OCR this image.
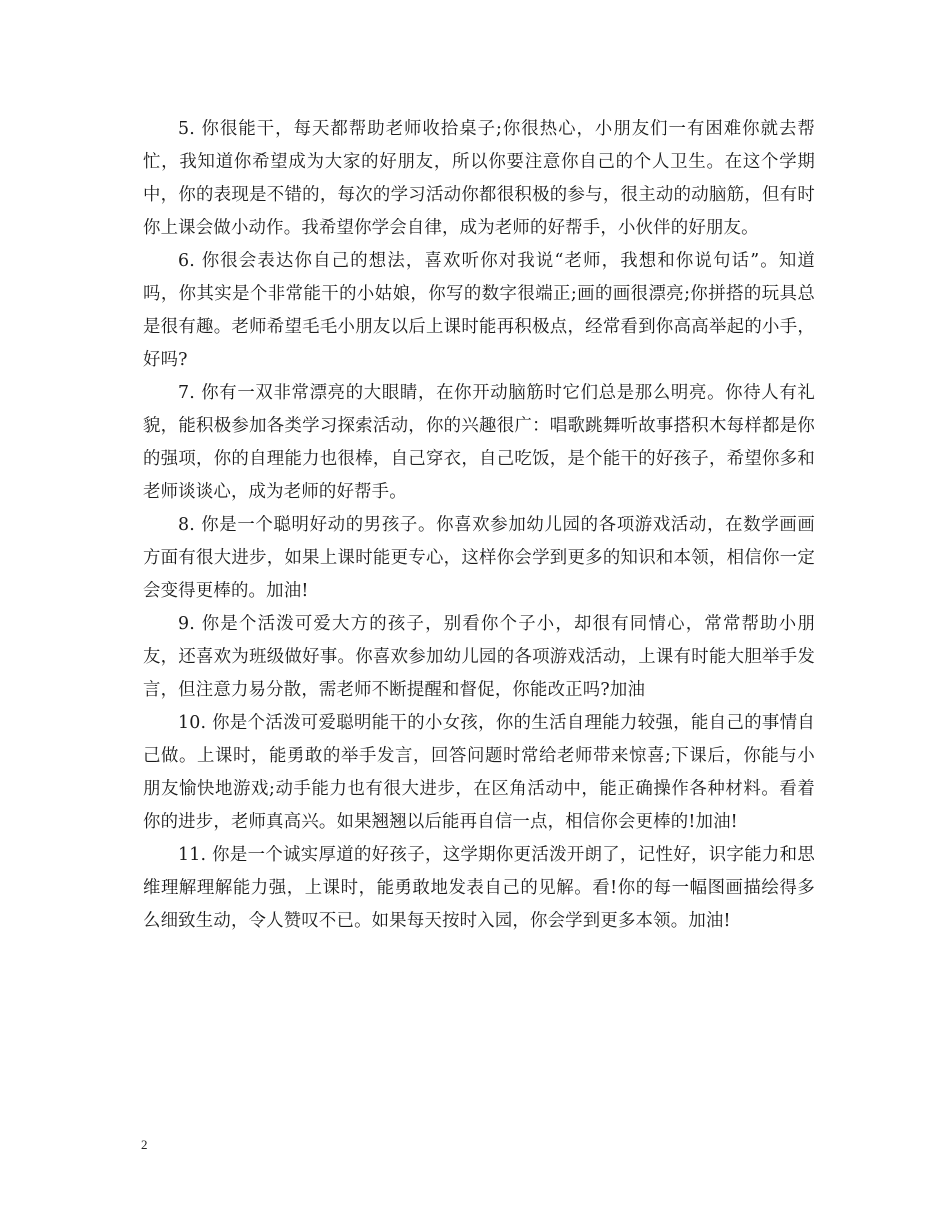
5. 你很能干，每天都帮助老师收拾桌子;你很热心，小朋友们一有困难你就去帮忙，我知道你希望成为大家的好朋友，所以你要注意你自己的个人卫生。在这个学期中，你的表现是不错的，每次的学习活动你都很积极的参与，很主动的动脑筋，但有时你上课会做小动作。我希望你学会自律，成为老师的好帮手，小伙伴的好朋友。

6. 你很会表达你自己的想法，喜欢听你对我说“老师，我想和你说句话”。知道吗，你其实是个非常能干的小姑娘，你写的数字很端正;画的画很漂亮;你拼搭的玩具总是很有趣。老师希望毛毛小朋友以后上课时能再积极点，经常看到你高高举起的小手，好吗?

7. 你有一双非常漂亮的大眼睛，在你开动脑筋时它们总是那么明亮。你待人有礼貌，能积极参加各类学习探索活动，你的兴趣很广：唱歌跳舞听故事搭积木每样都是你的强项，你的自理能力也很棒，自己穿衣，自己吃饭，是个能干的好孩子，希望你多和老师谈谈心，成为老师的好帮手。

8. 你是一个聪明好动的男孩子。你喜欢参加幼儿园的各项游戏活动，在数学画画方面有很大进步，如果上课时能更专心，这样你会学到更多的知识和本领，相信你一定会变得更棒的。加油!

9. 你是个活泼可爱大方的孩子，别看你个子小，却很有同情心，常常帮助小朋友，还喜欢为班级做好事。你喜欢参加幼儿园的各项游戏活动，上课有时能大胆举手发言，但注意力易分散，需老师不断提醒和督促，你能改正吗?加油

10. 你是个活泼可爱聪明能干的小女孩，你的生活自理能力较强，能自己的事情自己做。上课时，能勇敢的举手发言，回答问题时常给老师带来惊喜;下课后，你能与小朋友愉快地游戏;动手能力也有很大进步，在区角活动中，能正确操作各种材料。看着你的进步，老师真高兴。如果翘翘以后能再自信一点，相信你会更棒的!加油!

11. 你是一个诚实厚道的好孩子，这学期你更活泼开朗了，记性好，识字能力和思维理解理解能力强，上课时，能勇敢地发表自己的见解。看!你的每一幅图画描绘得多么细致生动，令人赞叹不已。如果每天按时入园，你会学到更多本领。加油!

2
